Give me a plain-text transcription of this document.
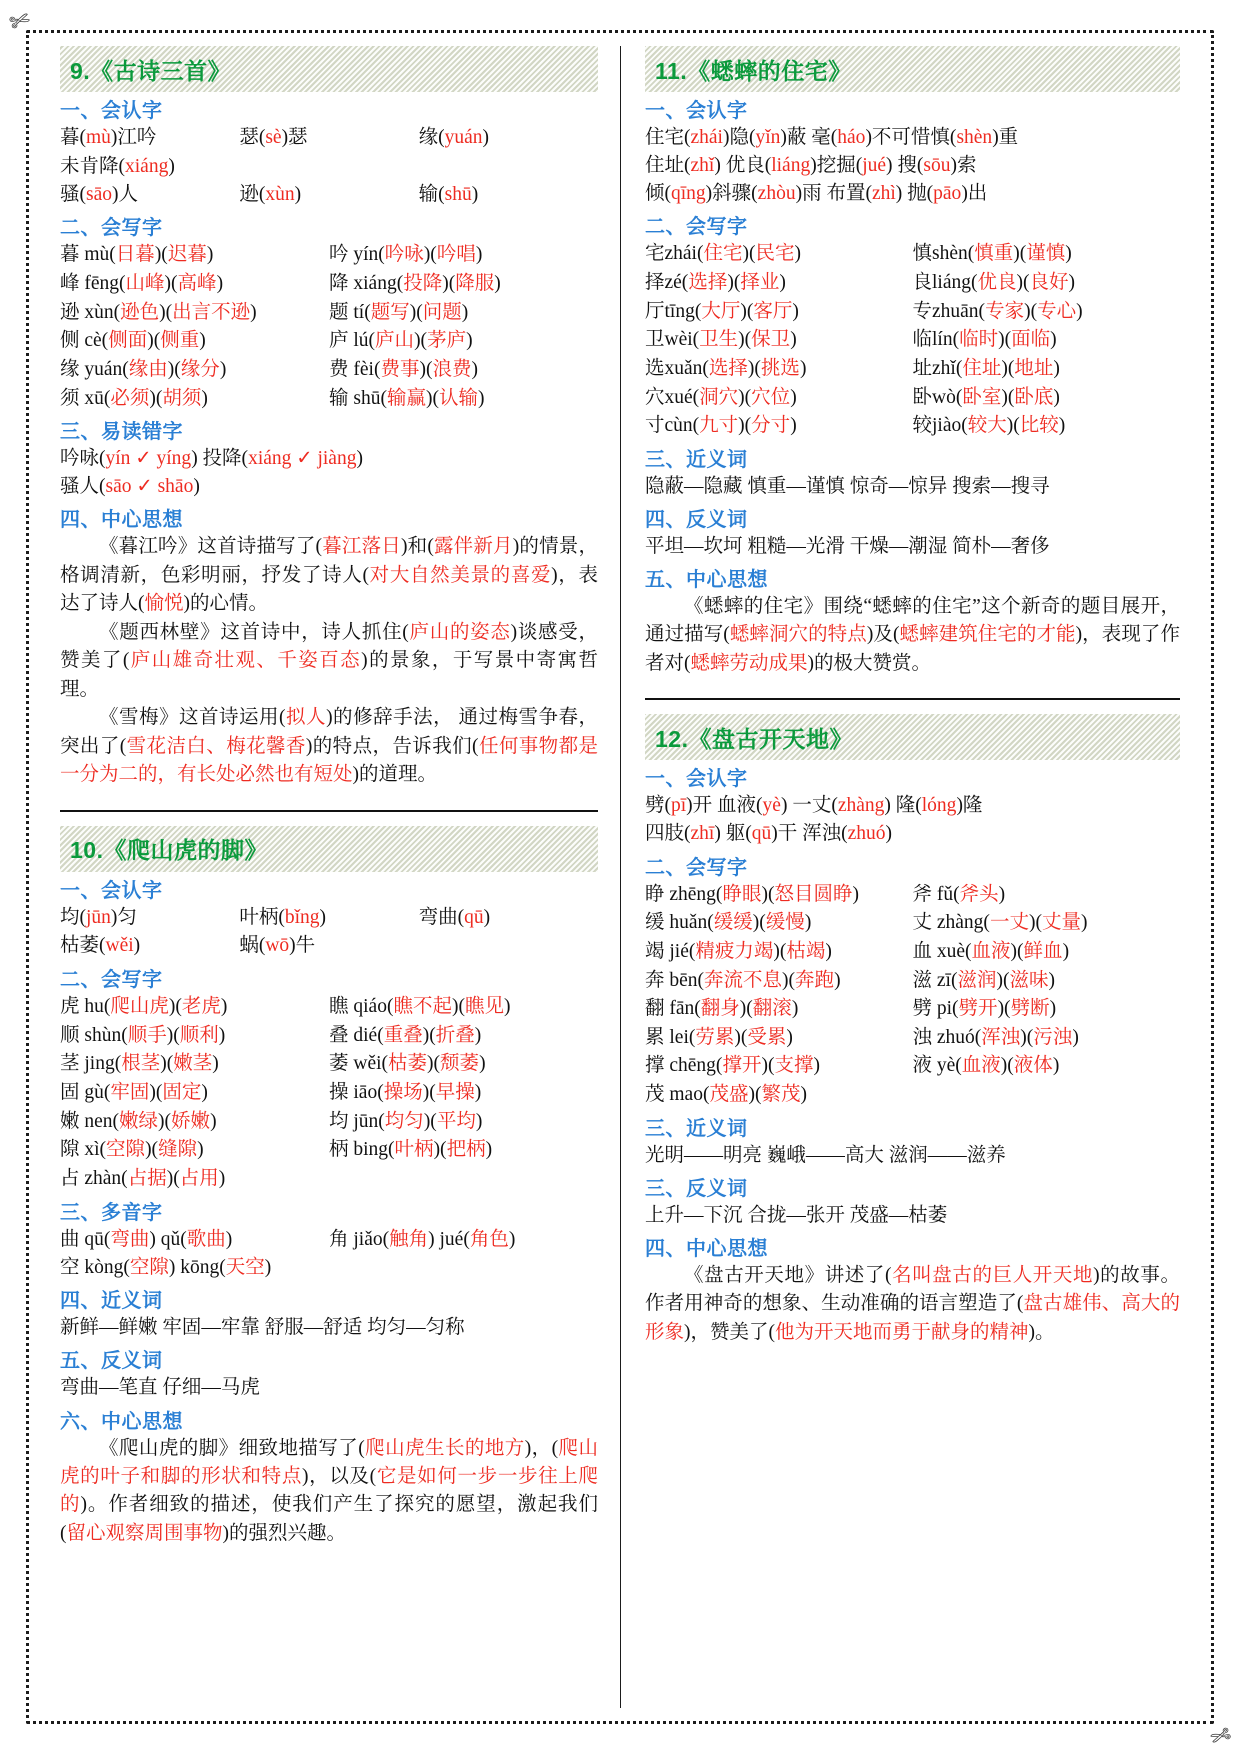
✄
✄
9.《古诗三首》
一、会认字
暮(mù)江吟	瑟(sè)瑟	缘(yuán)
未肯降(xiáng)
骚(sāo)人	逊(xùn)	输(shū)
二、会写字
暮 mù(日暮)(迟暮)	吟 yín(吟咏)(吟唱)
峰 fēng(山峰)(高峰)	降 xiáng(投降)(降服)
逊 xùn(逊色)(出言不逊)	题 tí(题写)(问题)
侧 cè(侧面)(侧重)	庐 lú(庐山)(茅庐)
缘 yuán(缘由)(缘分)	费 fèi(费事)(浪费)
须 xū(必须)(胡须)	输 shū(输赢)(认输)
三、易读错字
吟咏(yín ✓ yíng) 投降(xiáng ✓ jiàng)
骚人(sāo ✓ shāo)
四、中心思想
《暮江吟》这首诗描写了(暮江落日)和(露伴新月)的情景，格调清新，色彩明丽，抒发了诗人(对大自然美景的喜爱)，表达了诗人(愉悦)的心情。
《题西林壁》这首诗中，诗人抓住(庐山的姿态)谈感受，赞美了(庐山雄奇壮观、千姿百态)的景象，于写景中寄寓哲理。
《雪梅》这首诗运用(拟人)的修辞手法， 通过梅雪争春，突出了(雪花洁白、梅花馨香)的特点，告诉我们(任何事物都是一分为二的，有长处必然也有短处)的道理。
10.《爬山虎的脚》
一、会认字
均(jūn)匀	叶柄(bǐng)	弯曲(qū)
枯萎(wěi)	蜗(wō)牛
二、会写字
虎 hu(爬山虎)(老虎)	瞧 qiáo(瞧不起)(瞧见)
顺 shùn(顺手)(顺利)	叠 dié(重叠)(折叠)
茎 jing(根茎)(嫩茎)	萎 wěi(枯萎)(颓萎)
固 gù(牢固)(固定)	操 iāo(操场)(早操)
嫩 nen(嫩绿)(娇嫩)	均 jūn(均匀)(平均)
隙 xì(空隙)(缝隙)	柄 bing(叶柄)(把柄)
占 zhàn(占据)(占用)
三、多音字
曲 qū(弯曲) qǔ(歌曲)	角 jiǎo(触角) jué(角色)
空 kòng(空隙) kōng(天空)
四、近义词
新鲜—鲜嫩 牢固—牢靠 舒服—舒适 均匀—匀称
五、反义词
弯曲—笔直 仔细—马虎
六、中心思想
《爬山虎的脚》细致地描写了(爬山虎生长的地方)，(爬山虎的叶子和脚的形状和特点)，以及(它是如何一步一步往上爬的)。作者细致的描述，使我们产生了探究的愿望，激起我们(留心观察周围事物)的强烈兴趣。
11.《蟋蟀的住宅》
一、会认字
住宅(zhái)隐(yǐn)蔽 毫(háo)不可惜慎(shèn)重
住址(zhǐ) 优良(liáng)挖掘(jué) 搜(sōu)索
倾(qīng)斜骤(zhòu)雨 布置(zhì) 抛(pāo)出
二、会写字
宅zhái(住宅)(民宅)	慎shèn(慎重)(谨慎)
择zé(选择)(择业)	良liáng(优良)(良好)
厅tīng(大厅)(客厅)	专zhuān(专家)(专心)
卫wèi(卫生)(保卫)	临lín(临时)(面临)
选xuǎn(选择)(挑选)	址zhǐ(住址)(地址)
穴xué(洞穴)(穴位)	卧wò(卧室)(卧底)
寸cùn(九寸)(分寸)	较jiào(较大)(比较)
三、近义词
隐蔽—隐藏 慎重—谨慎 惊奇—惊异 搜索—搜寻
四、反义词
平坦—坎坷 粗糙—光滑 干燥—潮湿 简朴—奢侈
五、中心思想
《蟋蟀的住宅》围绕“蟋蟀的住宅”这个新奇的题目展开，通过描写(蟋蟀洞穴的特点)及(蟋蟀建筑住宅的才能)，表现了作者对(蟋蟀劳动成果)的极大赞赏。
12.《盘古开天地》
一、会认字
劈(pī)开 血液(yè) 一丈(zhàng) 隆(lóng)隆
四肢(zhī) 躯(qū)干 浑浊(zhuó)
二、会写字
睁 zhēng(睁眼)(怒目圆睁)	斧 fǔ(斧头)
缓 huǎn(缓缓)(缓慢)	丈 zhàng(一丈)(丈量)
竭 jié(精疲力竭)(枯竭)	血 xuè(血液)(鲜血)
奔 bēn(奔流不息)(奔跑)	滋 zī(滋润)(滋味)
翻 fān(翻身)(翻滚)	劈 pi(劈开)(劈断)
累 lei(劳累)(受累)	浊 zhuó(浑浊)(污浊)
撑 chēng(撑开)(支撑)	液 yè(血液)(液体)
茂 mao(茂盛)(繁茂)
三、近义词
光明——明亮 巍峨——高大 滋润——滋养
三、反义词
上升—下沉 合拢—张开 茂盛—枯萎
四、中心思想
《盘古开天地》讲述了(名叫盘古的巨人开天地)的故事。作者用神奇的想象、生动准确的语言塑造了(盘古雄伟、高大的形象)，赞美了(他为开天地而勇于献身的精神)。
